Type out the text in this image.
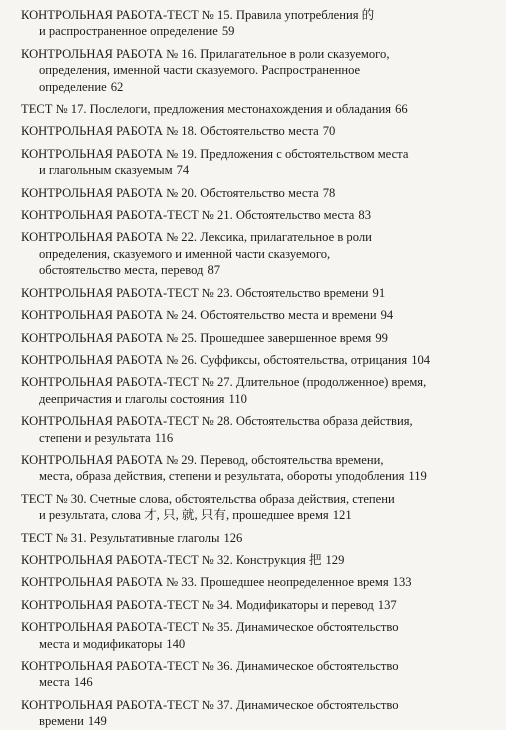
КОНТРОЛЬНАЯ РАБОТА-ТЕСТ № 15. Правила употребления 的
и распространенное определение 59
КОНТРОЛЬНАЯ РАБОТА № 16. Прилагательное в роли сказуемого,
определения, именной части сказуемого. Распространенное
определение 62
ТЕСТ № 17. Послелоги, предложения местонахождения и обладания 66
КОНТРОЛЬНАЯ РАБОТА № 18. Обстоятельство места 70
КОНТРОЛЬНАЯ РАБОТА № 19. Предложения с обстоятельством места
и глагольным сказуемым 74
КОНТРОЛЬНАЯ РАБОТА № 20. Обстоятельство места 78
КОНТРОЛЬНАЯ РАБОТА-ТЕСТ № 21. Обстоятельство места 83
КОНТРОЛЬНАЯ РАБОТА № 22. Лексика, прилагательное в роли
определения, сказуемого и именной части сказуемого,
обстоятельство места, перевод 87
КОНТРОЛЬНАЯ РАБОТА-ТЕСТ № 23. Обстоятельство времени 91
КОНТРОЛЬНАЯ РАБОТА № 24. Обстоятельство места и времени 94
КОНТРОЛЬНАЯ РАБОТА № 25. Прошедшее завершенное время 99
КОНТРОЛЬНАЯ РАБОТА № 26. Суффиксы, обстоятельства, отрицания 104
КОНТРОЛЬНАЯ РАБОТА-ТЕСТ № 27. Длительное (продолженное) время,
деепричастия и глаголы состояния 110
КОНТРОЛЬНАЯ РАБОТА-ТЕСТ № 28. Обстоятельства образа действия,
степени и результата 116
КОНТРОЛЬНАЯ РАБОТА № 29. Перевод, обстоятельства времени,
места, образа действия, степени и результата, обороты уподобления 119
ТЕСТ № 30. Счетные слова, обстоятельства образа действия, степени
и результата, слова 才, 只, 就, 只有, прошедшее время 121
ТЕСТ № 31. Результативные глаголы 126
КОНТРОЛЬНАЯ РАБОТА-ТЕСТ № 32. Конструкция 把 129
КОНТРОЛЬНАЯ РАБОТА № 33. Прошедшее неопределенное время 133
КОНТРОЛЬНАЯ РАБОТА-ТЕСТ № 34. Модификаторы и перевод 137
КОНТРОЛЬНАЯ РАБОТА-ТЕСТ № 35. Динамическое обстоятельство
места и модификаторы 140
КОНТРОЛЬНАЯ РАБОТА-ТЕСТ № 36. Динамическое обстоятельство
места 146
КОНТРОЛЬНАЯ РАБОТА-ТЕСТ № 37. Динамическое обстоятельство
времени 149
